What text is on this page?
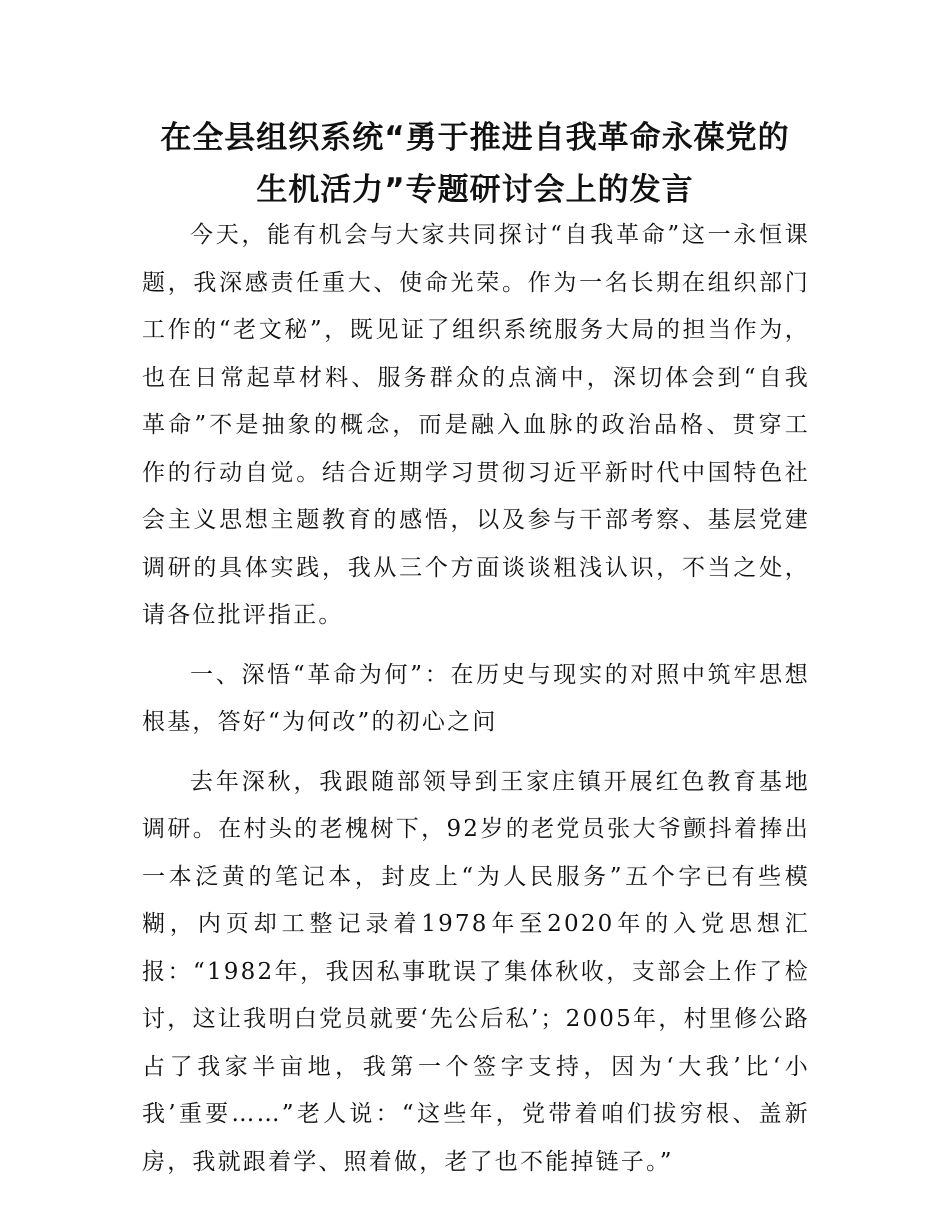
在全县组织系统“勇于推进自我革命永葆党的
生机活力”专题研讨会上的发言

今天，能有机会与大家共同探讨“自我革命”这一永恒课题，我深感责任重大、使命光荣。作为一名长期在组织部门工作的“老文秘”，既见证了组织系统服务大局的担当作为，也在日常起草材料、服务群众的点滴中，深切体会到“自我革命”不是抽象的概念，而是融入血脉的政治品格、贯穿工作的行动自觉。结合近期学习贯彻习近平新时代中国特色社会主义思想主题教育的感悟，以及参与干部考察、基层党建调研的具体实践，我从三个方面谈谈粗浅认识，不当之处，请各位批评指正。

一、深悟“革命为何”：在历史与现实的对照中筑牢思想根基，答好“为何改”的初心之问

去年深秋，我跟随部领导到王家庄镇开展红色教育基地调研。在村头的老槐树下，92岁的老党员张大爷颤抖着捧出一本泛黄的笔记本，封皮上“为人民服务”五个字已有些模糊，内页却工整记录着1978年至2020年的入党思想汇报：“1982年，我因私事耽误了集体秋收，支部会上作了检讨，这让我明白党员就要‘先公后私’；2005年，村里修公路占了我家半亩地，我第一个签字支持，因为‘大我’比‘小我’重要……”老人说：“这些年，党带着咱们拔穷根、盖新房，我就跟着学、照着做，老了也不能掉链子。”
